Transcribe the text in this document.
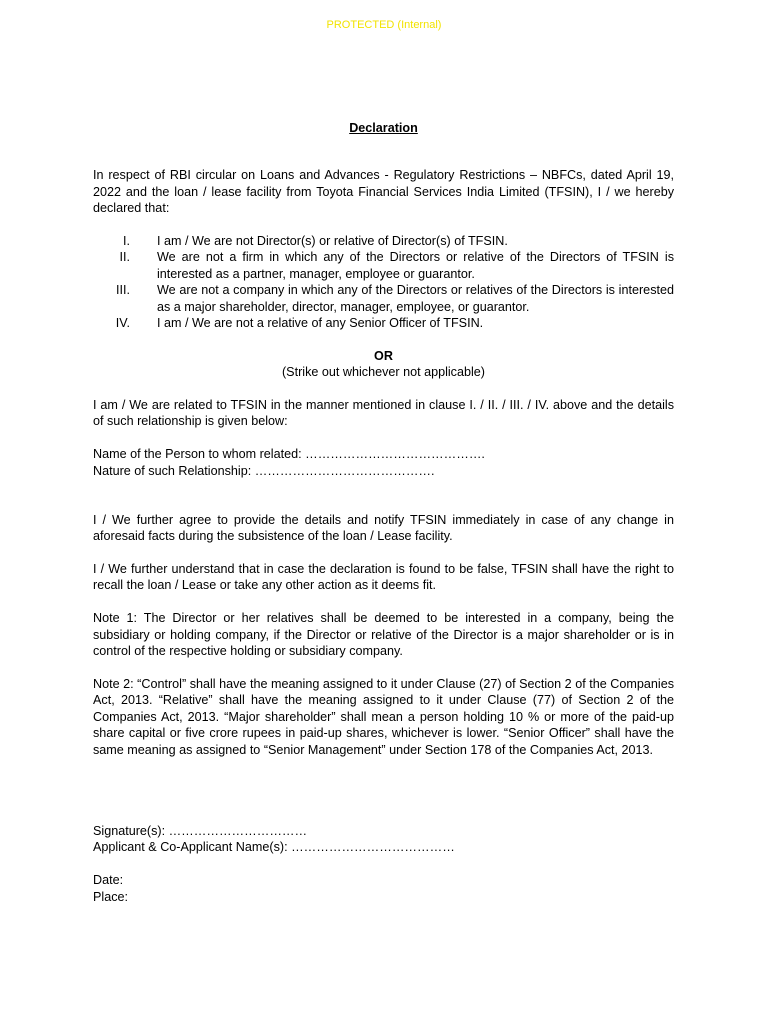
PROTECTED (Internal)

Declaration

In respect of RBI circular on Loans and Advances - Regulatory Restrictions – NBFCs, dated April 19, 2022 and the loan / lease facility from Toyota Financial Services India Limited (TFSIN), I / we hereby declared that:

I. I am / We are not Director(s) or relative of Director(s) of TFSIN.
II. We are not a firm in which any of the Directors or relative of the Directors of TFSIN is interested as a partner, manager, employee or guarantor.
III. We are not a company in which any of the Directors or relatives of the Directors is interested as a major shareholder, director, manager, employee, or guarantor.
IV. I am / We are not a relative of any Senior Officer of TFSIN.

OR

(Strike out whichever not applicable)

I am / We are related to TFSIN in the manner mentioned in clause I. / II. / III. / IV. above and the details of such relationship is given below:

Name of the Person to whom related: …………………………………….

Nature of such Relationship: …………………………………….

I / We further agree to provide the details and notify TFSIN immediately in case of any change in aforesaid facts during the subsistence of the loan / Lease facility.

I / We further understand that in case the declaration is found to be false, TFSIN shall have the right to recall the loan / Lease or take any other action as it deems fit.

Note 1: The Director or her relatives shall be deemed to be interested in a company, being the subsidiary or holding company, if the Director or relative of the Director is a major shareholder or is in control of the respective holding or subsidiary company.

Note 2: “Control” shall have the meaning assigned to it under Clause (27) of Section 2 of the Companies Act, 2013. “Relative” shall have the meaning assigned to it under Clause (77) of Section 2 of the Companies Act, 2013. “Major shareholder” shall mean a person holding 10 % or more of the paid-up share capital or five crore rupees in paid-up shares, whichever is lower. “Senior Officer” shall have the same meaning as assigned to “Senior Management” under Section 178 of the Companies Act, 2013.

Signature(s): ……………………………

Applicant & Co-Applicant Name(s): …………………………………

Date:

Place:
